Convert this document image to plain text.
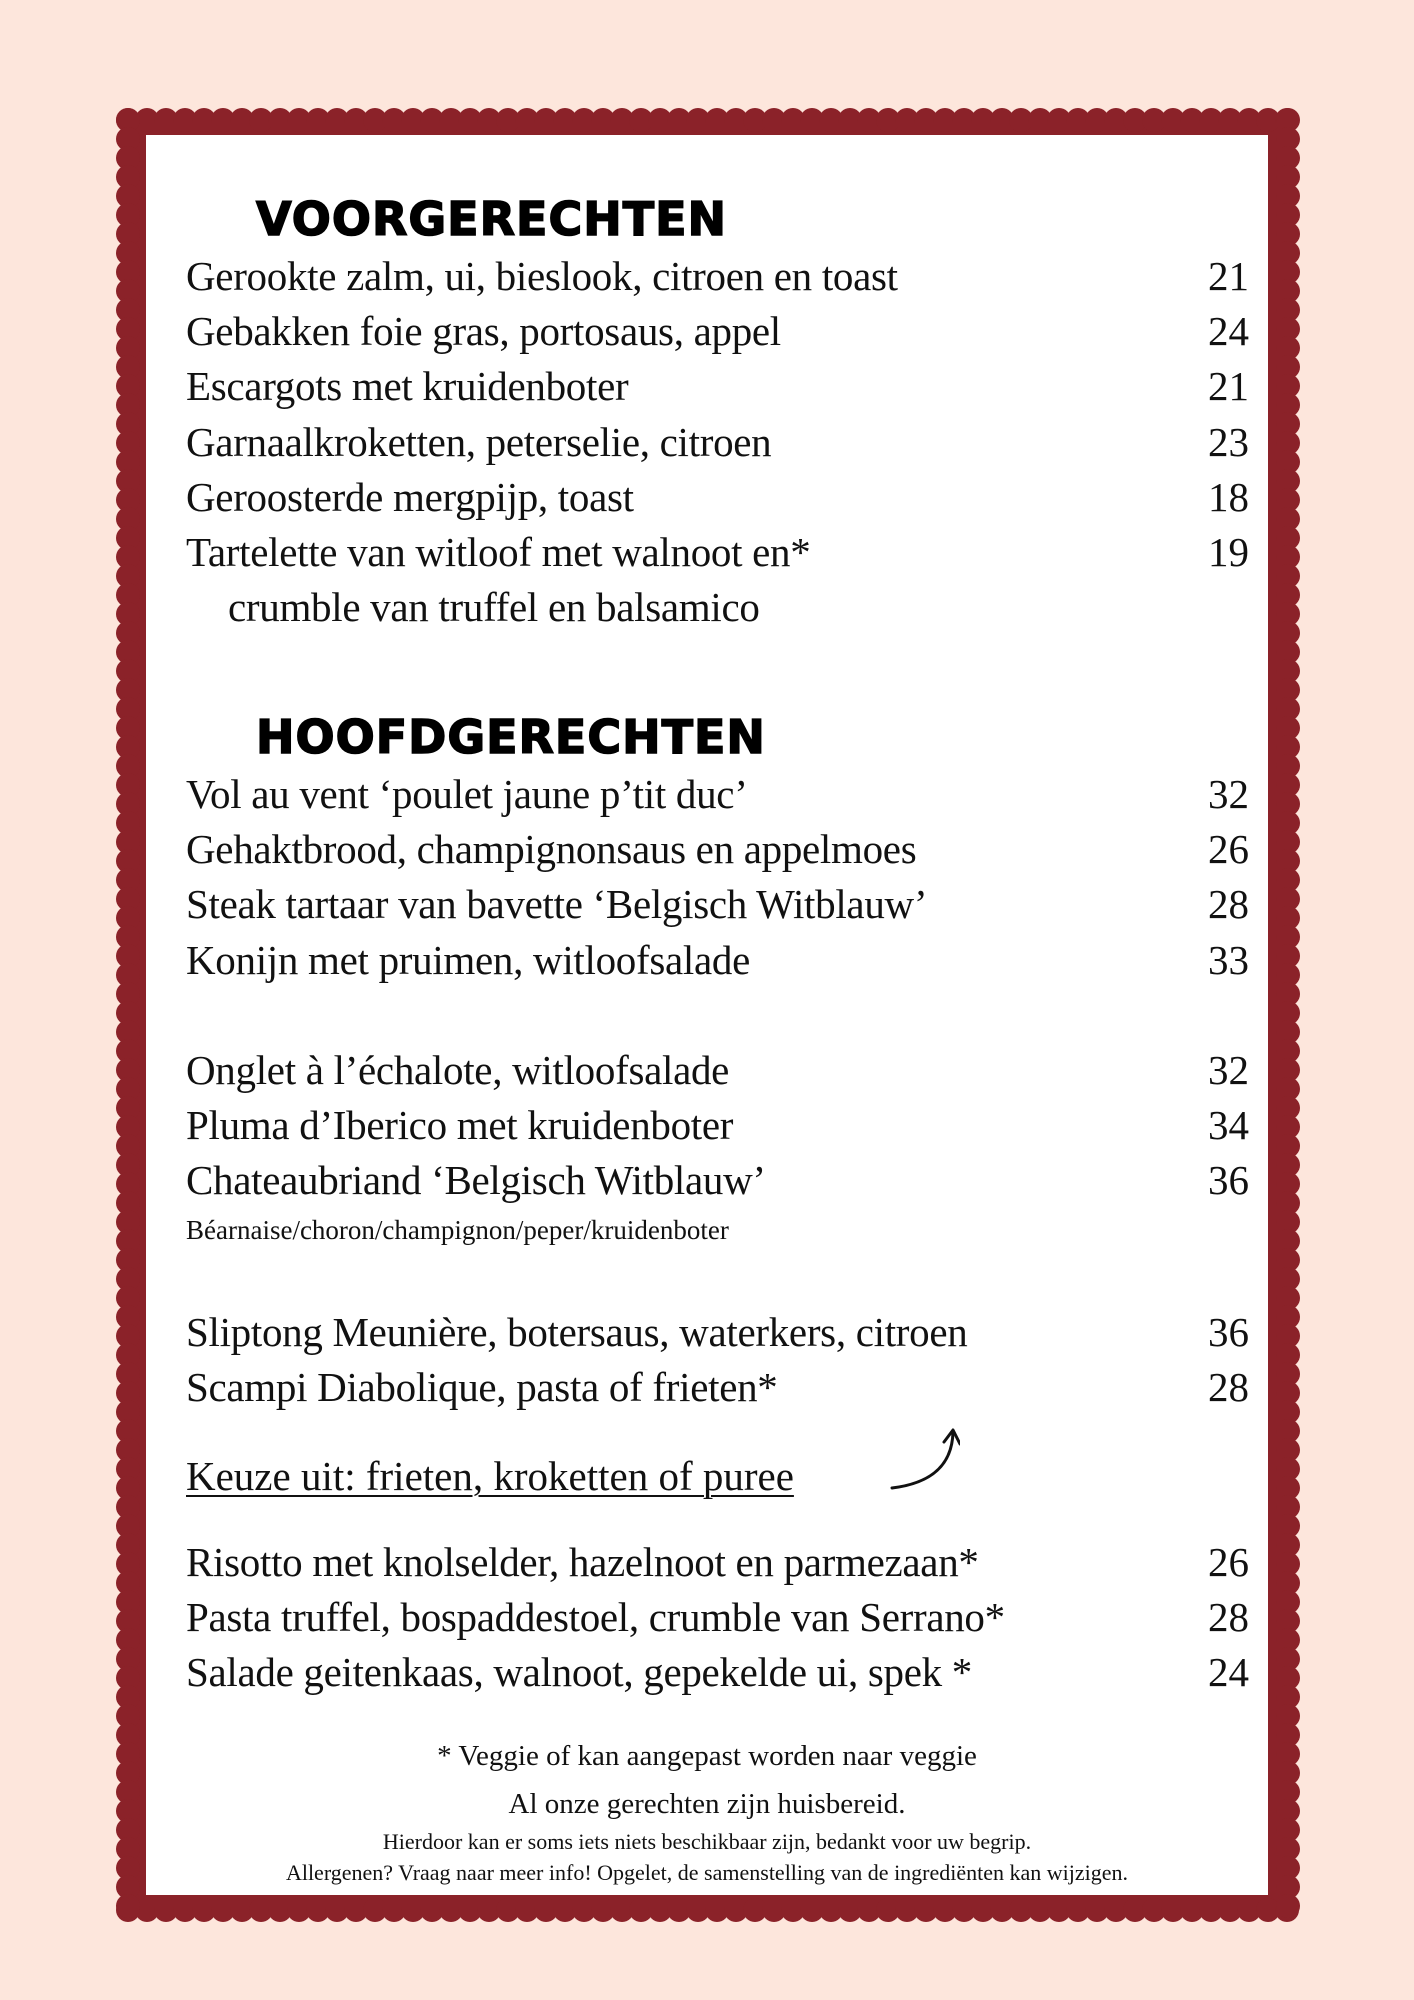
VOORGERECHTEN
Gerookte zalm, ui, bieslook, citroen en toast	21
Gebakken foie gras, portosaus, appel	24
Escargots met kruidenboter	21
Garnaalkroketten, peterselie, citroen	23
Geroosterde mergpijp, toast	18
Tartelette van witloof met walnoot en*	19
crumble van truffel en balsamico
HOOFDGERECHTEN
Vol au vent ‘poulet jaune p’tit duc’	32
Gehaktbrood, champignonsaus en appelmoes	26
Steak tartaar van bavette ‘Belgisch Witblauw’	28
Konijn met pruimen, witloofsalade	33
Onglet à l’échalote, witloofsalade	32
Pluma d’Iberico met kruidenboter	34
Chateaubriand ‘Belgisch Witblauw’	36
Béarnaise/choron/champignon/peper/kruidenboter
Sliptong Meunière, botersaus, waterkers, citroen	36
Scampi Diabolique, pasta of frieten*	28
Keuze uit: frieten, kroketten of puree
Risotto met knolselder, hazelnoot en parmezaan*	26
Pasta truffel, bospaddestoel, crumble van Serrano*	28
Salade geitenkaas, walnoot, gepekelde ui, spek *	24
* Veggie of kan aangepast worden naar veggie
Al onze gerechten zijn huisbereid.
Hierdoor kan er soms iets niets beschikbaar zijn, bedankt voor uw begrip.
Allergenen? Vraag naar meer info! Opgelet, de samenstelling van de ingrediënten kan wijzigen.
